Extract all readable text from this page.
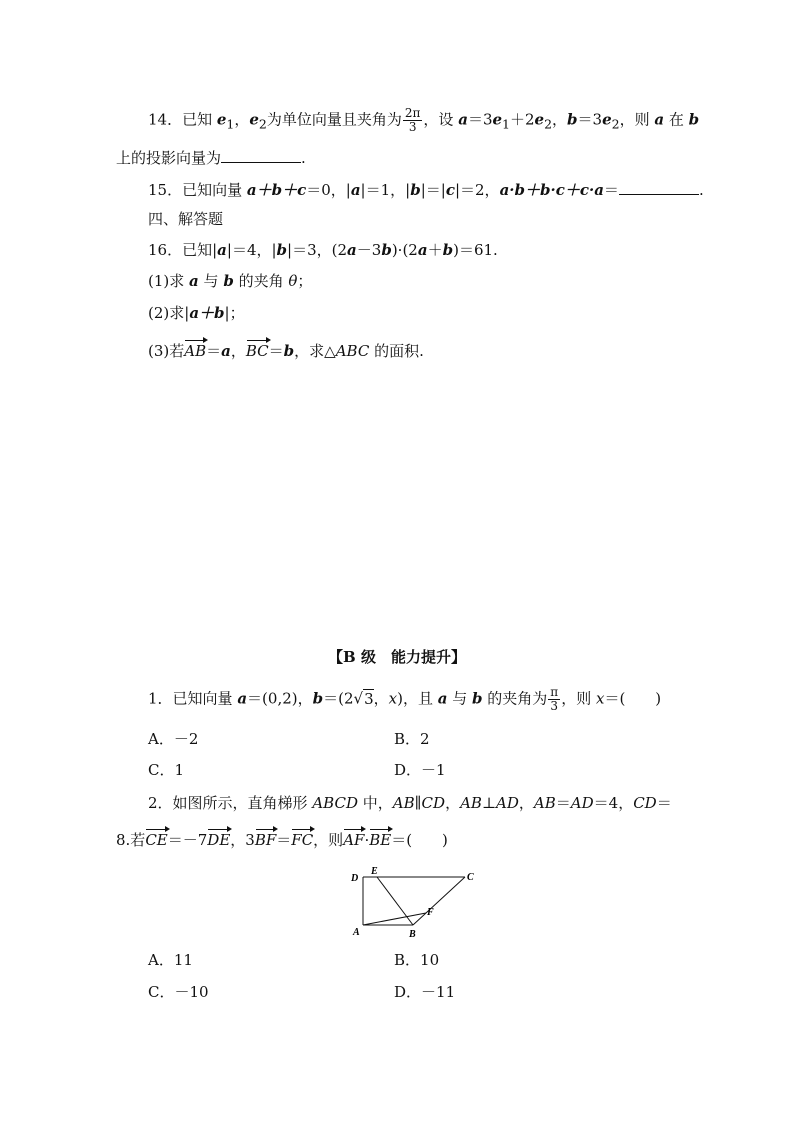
14．已知 $e_1$，$e_2$为单位向量且夹角为 $\frac{2\pi}{3}$ ，设 $a=3e_1+2e_2$，$b=3e_2$，则 a 在 b
上的投影向量为	.
15．已知向量 a＋b＋c＝0，|a|＝1，|b|＝|c|＝2，a·b＋b·c＋c·a＝	.
四、解答题
16．已知|a|＝4，|b|＝3，(2a－3b)·(2a＋b)＝61.
(1)求 a 与 b 的夹角 θ；
(2)求|a＋b|；
(3)若AB＝a，BC＝b，求△ABC 的面积.
【B 级　能力提升】
1．已知向量 a＝(0,2)，b＝(2√3，x)，且 a 与 b 的夹角为 $\frac{\pi}{3}$ ，则 x＝(　　)
A．－2	B．2
C．1	D．－1
2．如图所示，直角梯形 ABCD 中，AB∥CD，AB⊥AD，AB＝AD＝4，CD＝
8.若CE＝－7DE，3BF＝FC，则AF·BE＝(　　)
D
E
C
F
A	B
A．11	B．10
C．－10	D．－11
